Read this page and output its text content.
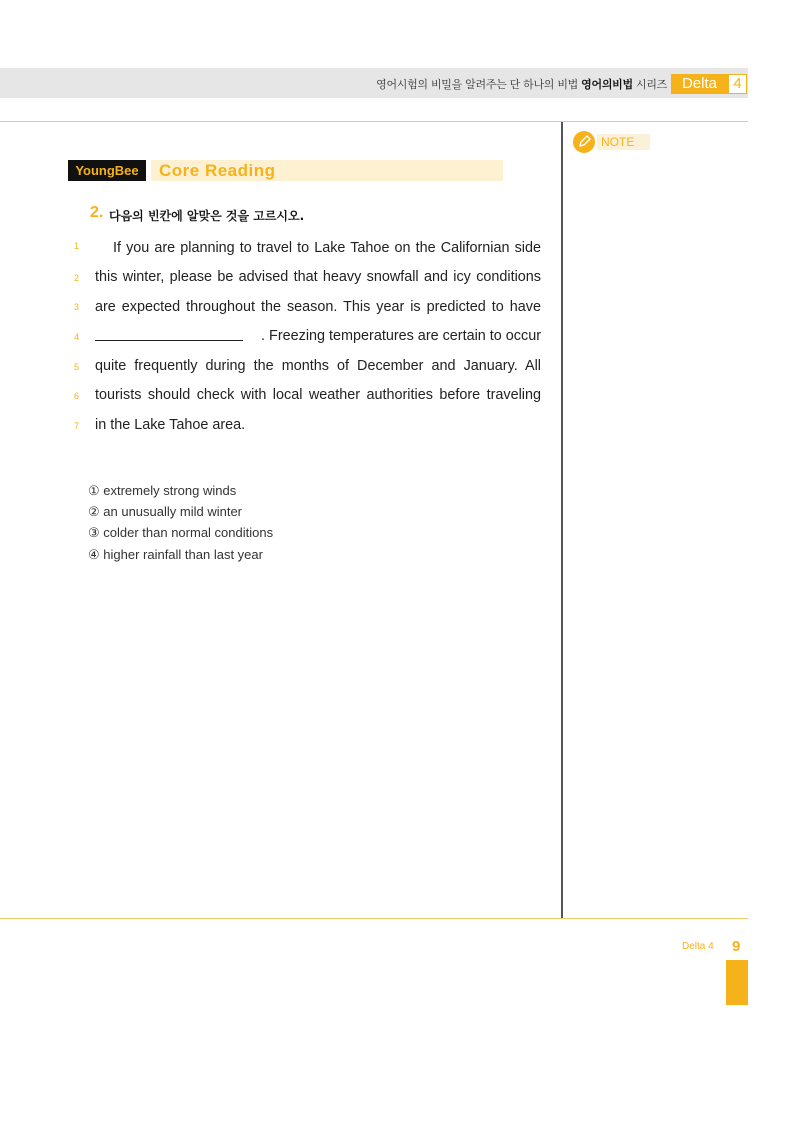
영어시험의 비밀을 알려주는 단 하나의 비법 영어의비법 시리즈 Delta	4
NOTE
YoungBee	Core Reading
2. 다음의 빈칸에 알맞은 것을 고르시오.
1	If you are planning to travel to Lake Tahoe on the Californian side
2 this winter, please be advised that heavy snowfall and icy conditions
3 are expected throughout the season. This year is predicted to have
4	. Freezing temperatures are certain to occur
5 quite frequently during the months of December and January. All
6 tourists should check with local weather authorities before traveling
7 in the Lake Tahoe area.
① extremely strong winds
② an unusually mild winter
③ colder than normal conditions
④ higher rainfall than last year
Delta 4 9
